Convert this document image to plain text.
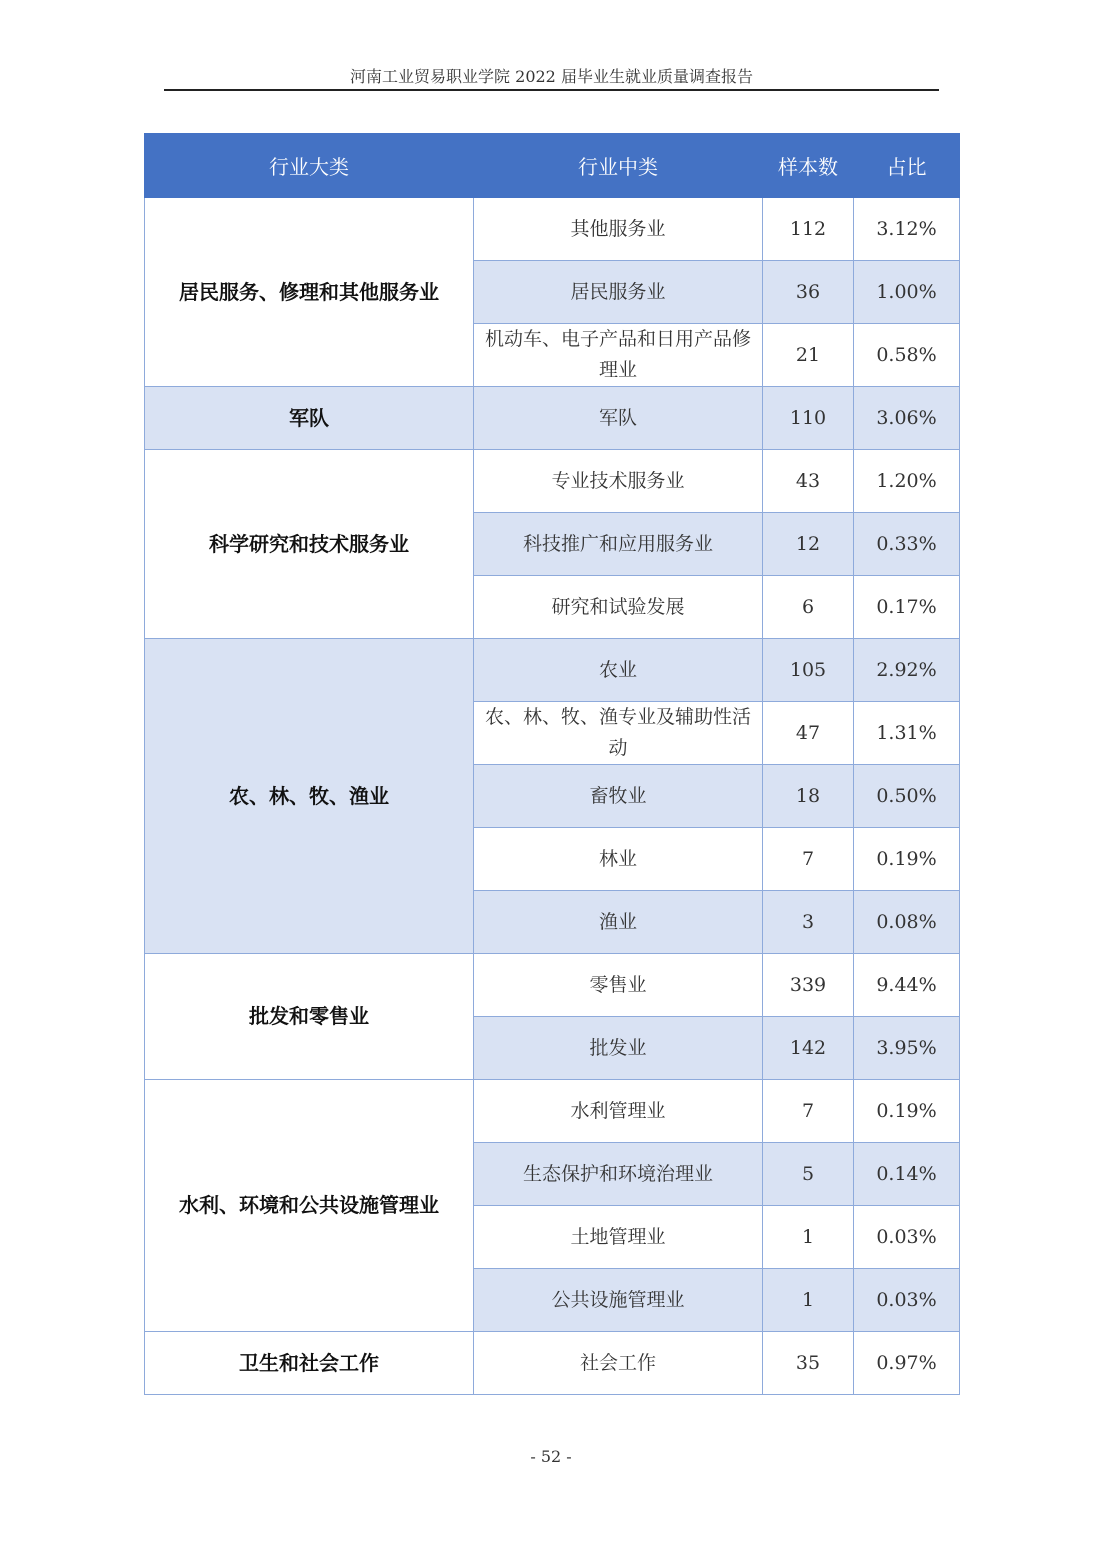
河南工业贸易职业学院 2022 届毕业生就业质量调查报告
行业大类	行业中类	样本数	占比
居民服务、修理和其他服务业	其他服务业	112	3.12%
	居民服务业	36	1.00%
	机动车、电子产品和日用产品修理业	21	0.58%
军队	军队	110	3.06%
科学研究和技术服务业	专业技术服务业	43	1.20%
	科技推广和应用服务业	12	0.33%
	研究和试验发展	6	0.17%
农、林、牧、渔业	农业	105	2.92%
	农、林、牧、渔专业及辅助性活动	47	1.31%
	畜牧业	18	0.50%
	林业	7	0.19%
	渔业	3	0.08%
批发和零售业	零售业	339	9.44%
	批发业	142	3.95%
水利、环境和公共设施管理业	水利管理业	7	0.19%
	生态保护和环境治理业	5	0.14%
	土地管理业	1	0.03%
	公共设施管理业	1	0.03%
卫生和社会工作	社会工作	35	0.97%
- 52 -
